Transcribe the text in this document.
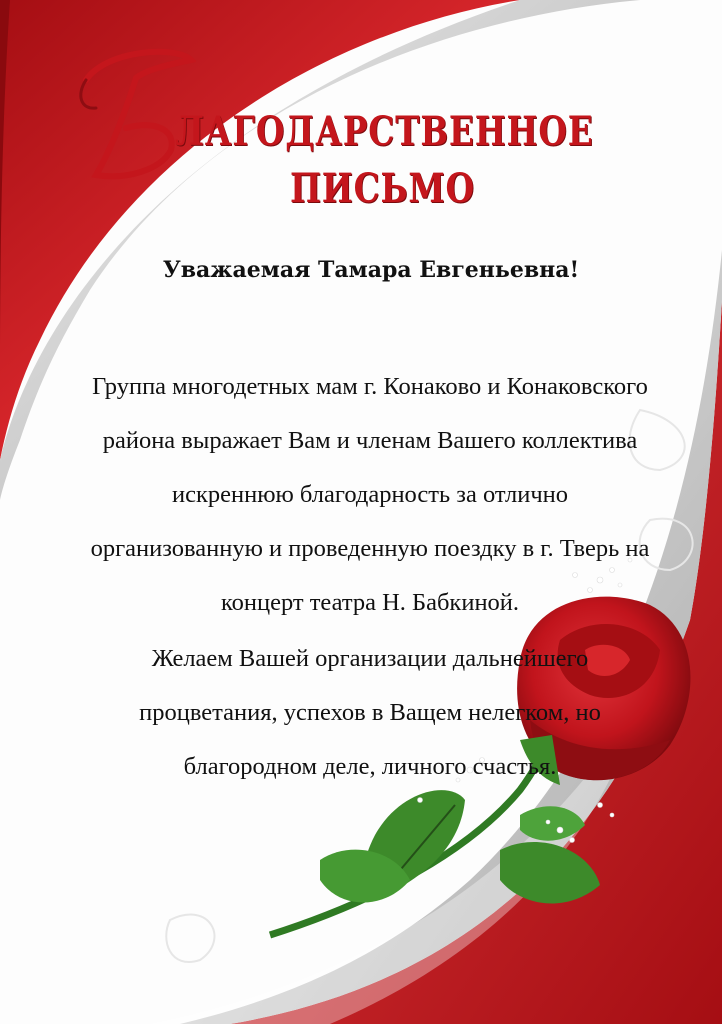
ЛАГОДАРСТВЕННОЕ
ПИСЬМО
Уважаемая Тамара Евгеньевна!

Группа многодетных мам г. Конаково и Конаковского района выражает Вам и членам Вашего коллектива искреннюю благодарность за отлично организованную и проведенную поездку в г. Тверь на концерт театра Н. Бабкиной.

Желаем Вашей организации дальнейшего процветания, успехов в Ващем нелегком, но благородном деле, личного счастья.
